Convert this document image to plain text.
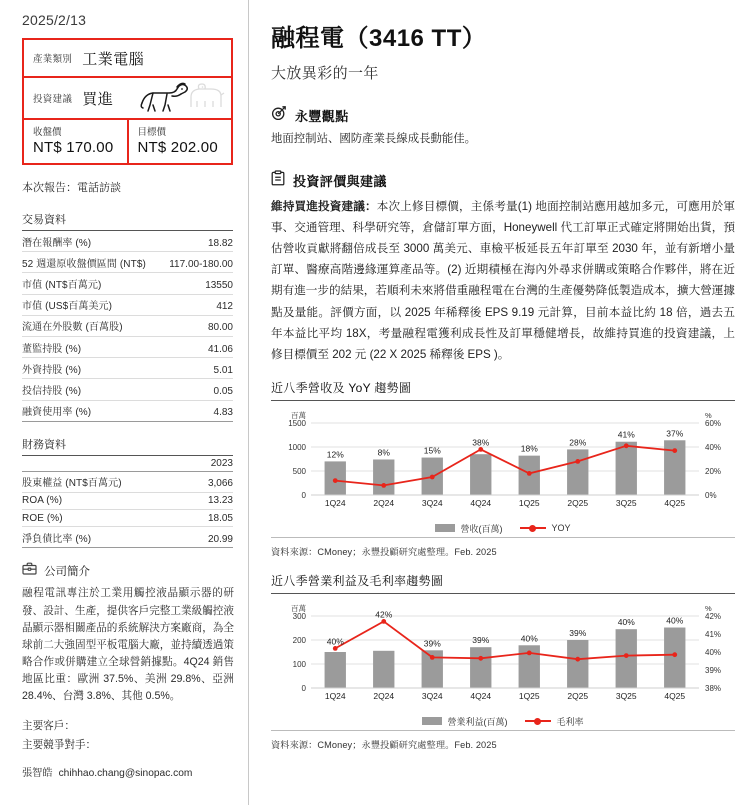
2025/2/13
產業類別 工業電腦
投資建議 買進
收盤價
NT$ 170.00
目標價
NT$ 202.00
本次報告：電話訪談
交易資料
潛在報酬率 (%)	18.82
52 週還原收盤價區間 (NT$) 117.00-180.00
市值 (NT$百萬元)	13550
市值 (US$百萬美元)	412
流通在外股數 (百萬股)	80.00
董監持股 (%)	41.06
外資持股 (%)	5.01
投信持股 (%)	0.05
融資使用率 (%)	4.83
財務資料
2023
股東權益 (NT$百萬元)	3,066
ROA (%)	13.23
ROE (%)	18.05
淨負債比率 (%)	20.99
公司簡介
融程電訊專注於工業用觸控液晶顯示器的研發、設計、生產，提供客戶完整工業級觸控液晶顯示器相關產品的系統解決方案廠商，為全球前二大強固型平板電腦大廠，並持續透過策略合作或併購建立全球營銷據點。4Q24 銷售地區比重：歐洲 37.5%、美洲 29.8%、亞洲 28.4%、台灣 3.8%、其他 0.5%。
主要客戶：
主要競爭對手：
張智皓 chihhao.chang@sinopac.com
融程電（3416 TT）
大放異彩的一年
永豐觀點
地面控制站、國防產業長線成長動能佳。
投資評價與建議
維持買進投資建議：本次上修目標價，主係考量(1) 地面控制站應用越加多元，可應用於軍事、交通管理、科學研究等，倉儲訂單方面，Honeywell 代工訂單正式確定將開始出貨，預估營收貢獻將翻倍成長至 3000 萬美元、車檢平板延長五年訂單至 2030 年，並有新增小量訂單、醫療高階邊緣運算產品等。(2) 近期積極在海內外尋求併購或策略合作夥伴，將在近期有進一步的結果，若順利未來將借重融程電在台灣的生產優勢降低製造成本，擴大營運據點及量能。評價方面，以 2025 年稀釋後 EPS 9.19 元計算，目前本益比約 18 倍，過去五年本益比平均 18X，考量融程電獲利成長性及訂單穩健增長，故維持買進的投資建議，上修目標價至 202 元 (22 X 2025 稀釋後 EPS )。
近八季營收及 YoY 趨勢圖
0
500
1000
1500
0%
20%
40%
60%
百萬	%
12%	8%	15%
38%
18%
28%
41%	37%
1Q24	2Q24	3Q24	4Q24	1Q25	2Q25	3Q25	4Q25
營收(百萬)	YOY
資料來源：CMoney；永豐投顧研究處整理。Feb. 2025
近八季營業利益及毛利率趨勢圖
0
100
200
300
38%
39%
40%
41%
42%
百萬	%
40%
42%
39%	39%	40%
39%
40%	40%
1Q24	2Q24	3Q24	4Q24	1Q25	2Q25	3Q25	4Q25
營業利益(百萬)	毛利率
資料來源：CMoney；永豐投顧研究處整理。Feb. 2025
